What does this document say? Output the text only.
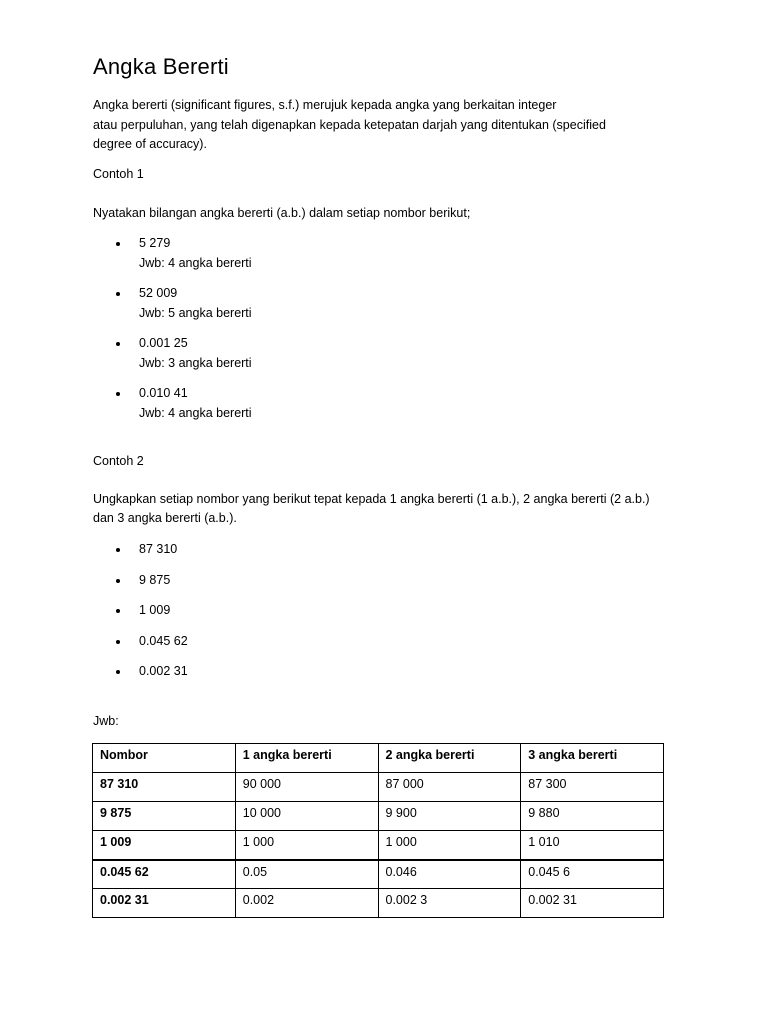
Angka Bererti

Angka bererti (significant figures, s.f.) merujuk kepada angka yang berkaitan integer

atau perpuluhan, yang telah digenapkan kepada ketepatan darjah yang ditentukan (specified

degree of accuracy).

Contoh 1

Nyatakan bilangan angka bererti (a.b.) dalam setiap nombor berikut;

5 279
Jwb: 4 angka bererti
52 009
Jwb: 5 angka bererti
0.001 25
Jwb: 3 angka bererti
0.010 41
Jwb: 4 angka bererti

Contoh 2

Ungkapkan setiap nombor yang berikut tepat kepada 1 angka bererti (1 a.b.), 2 angka bererti (2 a.b.)

dan 3 angka bererti (a.b.).

87 310
9 875
1 009
0.045 62
0.002 31

Jwb:

Nombor	1 angka bererti	2 angka bererti	3 angka bererti
87 310	90 000	87 000	87 300
9 875	10 000	9 900	9 880
1 009	1 000	1 000	1 010
0.045 62	0.05	0.046	0.045 6
0.002 31	0.002	0.002 3	0.002 31
